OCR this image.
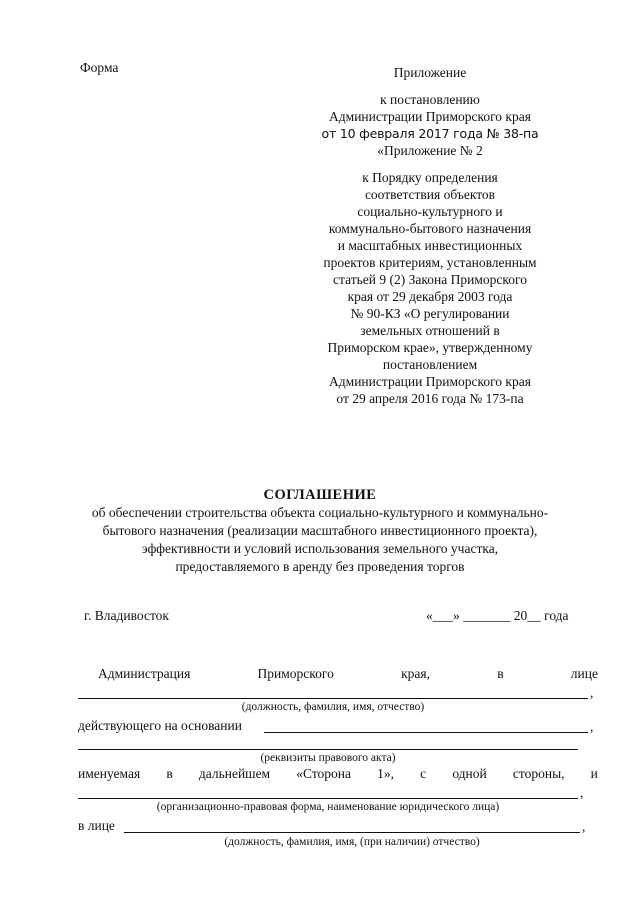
Форма	Приложение
к постановлению
Администрации Приморского края
от 10 февраля 2017 года № 38-па
«Приложение № 2
к Порядку определения
соответствия объектов
социально-культурного и
коммунально-бытового назначения
и масштабных инвестиционных
проектов критериям, установленным
статьей 9 (2) Закона Приморского
края от 29 декабря 2003 года
№ 90-КЗ «О регулировании
земельных отношений в
Приморском крае», утвержденному
постановлением
Администрации Приморского края
от 29 апреля 2016 года № 173-па
СОГЛАШЕНИЕ
об обеспечении строительства объекта социально-культурного и коммунально-
бытового назначения (реализации масштабного инвестиционного проекта),
эффективности и условий использования земельного участка,
предоставляемого в аренду без проведения торгов
г. Владивосток	«___» _______ 20__ года
Администрация	Приморского	края,	в	лице
,
(должность, фамилия, имя, отчество)
действующего на основании	,
(реквизиты правового акта)
именуемая в дальнейшем «Сторона 1», с одной стороны, и
,
(организационно-правовая форма, наименование юридического лица)
в лице	,
(должность, фамилия, имя, (при наличии) отчество)
